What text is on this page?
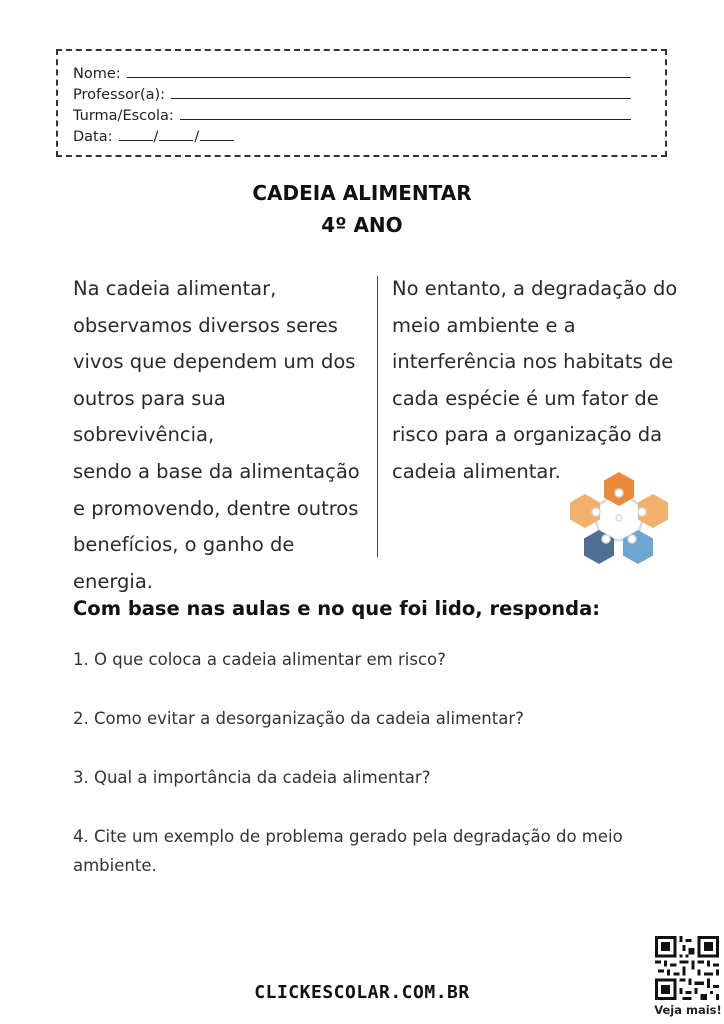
Nome:
Professor(a):
Turma/Escola:
Data:	/ /
CADEIA ALIMENTAR
4º ANO
Na cadeia alimentar,
observamos diversos seres
vivos que dependem um dos
outros para sua sobrevivência,
sendo a base da alimentação
e promovendo, dentre outros
benefícios, o ganho de
energia.
No entanto, a degradação do
meio ambiente e a
interferência nos habitats de
cada espécie é um fator de
risco para a organização da
cadeia alimentar.
Com base nas aulas e no que foi lido, responda:
1. O que coloca a cadeia alimentar em risco?
2. Como evitar a desorganização da cadeia alimentar?
3. Qual a importância da cadeia alimentar?
4. Cite um exemplo de problema gerado pela degradação do meio ambiente.
CLICKESCOLAR.COM.BR
Veja mais!
